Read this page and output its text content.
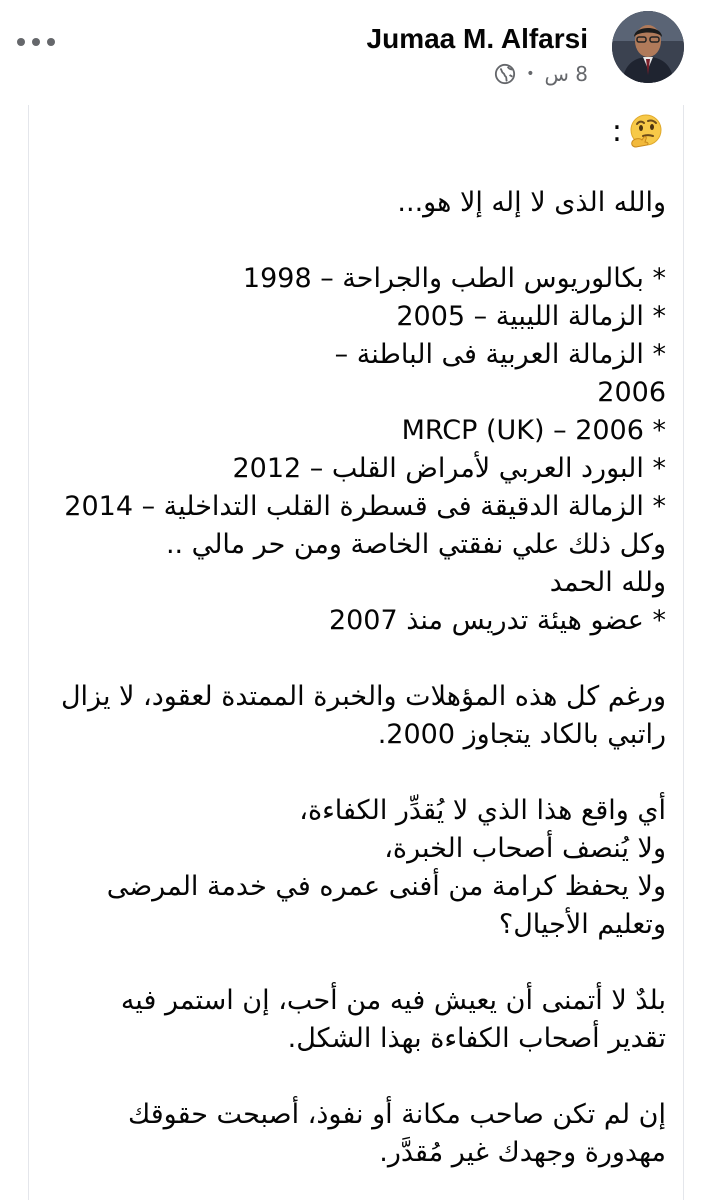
Jumaa M. Alfarsi
• 8 س
:
والله الذى لا إله إلا هو...
* بكالوريوس الطب والجراحة – 1998
* الزمالة الليبية – 2005
* الزمالة العربية فى الباطنة –
2006
* MRCP (UK) – 2006
* البورد العربي لأمراض القلب – 2012
* الزمالة الدقيقة فى قسطرة القلب التداخلية – 2014
وكل ذلك علي نفقتي الخاصة ومن حر مالي ..
ولله الحمد
* عضو هيئة تدريس منذ 2007
ورغم كل هذه المؤهلات والخبرة الممتدة لعقود، لا يزال
راتبي بالكاد يتجاوز 2000.
أي واقع هذا الذي لا يُقدِّر الكفاءة،
ولا يُنصف أصحاب الخبرة،
ولا يحفظ كرامة من أفنى عمره في خدمة المرضى
وتعليم الأجيال؟
بلدٌ لا أتمنى أن يعيش فيه من أحب، إن استمر فيه
تقدير أصحاب الكفاءة بهذا الشكل.
إن لم تكن صاحب مكانة أو نفوذ، أصبحت حقوقك
مهدورة وجهدك غير مُقدَّر.
